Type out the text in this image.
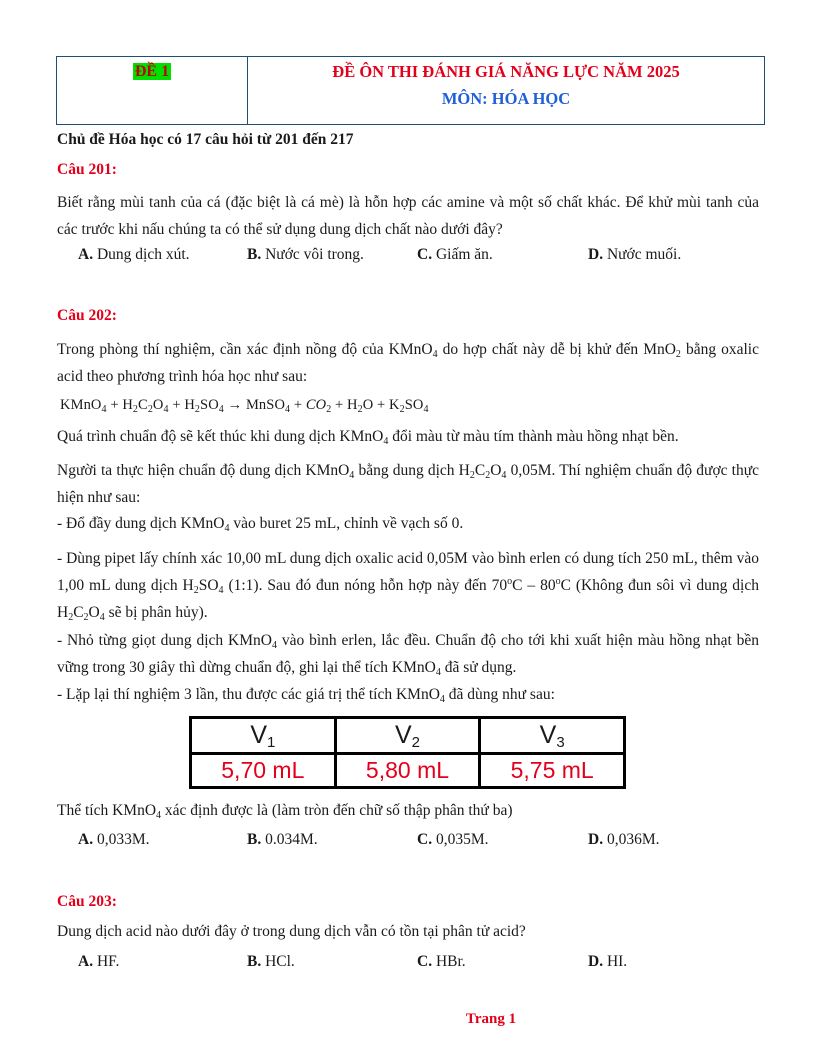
ĐỀ 1	ĐỀ ÔN THI ĐÁNH GIÁ NĂNG LỰC NĂM 2025
MÔN: HÓA HỌC
Chủ đề Hóa học có 17 câu hỏi từ 201 đến 217
Câu 201:
Biết rằng mùi tanh của cá (đặc biệt là cá mè) là hỗn hợp các amine và một số chất khác. Để khử mùi tanh của các trước khi nấu chúng ta có thể sử dụng dung dịch chất nào dưới đây?
A. Dung dịch xút.	B. Nước vôi trong.	C. Giấm ăn.	D. Nước muối.
Câu 202:
Trong phòng thí nghiệm, cần xác định nồng độ của KMnO$_4$ do hợp chất này dễ bị khử đến MnO$_2$ bằng oxalic acid theo phương trình hóa học như sau:
KMnO$_4$ + $H_2C_2O_4 + H_2SO_4$ → MnSO$_4$ + $CO_2 + H_2O + K_2SO_4$
Quá trình chuẩn độ sẽ kết thúc khi dung dịch KMnO$_4$ đổi màu từ màu tím thành màu hồng nhạt bền.
Người ta thực hiện chuẩn độ dung dịch KMnO$_4$ bằng dung dịch $H_2C_2O_4$ 0,05M. Thí nghiệm chuẩn độ được thực hiện như sau:
- Đổ đầy dung dịch KMnO$_4$ vào buret 25 mL, chỉnh về vạch số 0.
- Dùng pipet lấy chính xác 10,00 mL dung dịch oxalic acid 0,05M vào bình erlen có dung tích 250 mL, thêm vào 1,00 mL dung dịch $H_2SO_4$ (1:1). Sau đó đun nóng hỗn hợp này đến 70$^o$C – 80$^o$C (Không đun sôi vì dung dịch $H_2C_2O_4$ sẽ bị phân hủy).
- Nhỏ từng giọt dung dịch KMnO$_4$ vào bình erlen, lắc đều. Chuẩn độ cho tới khi xuất hiện màu hồng nhạt bền vững trong 30 giây thì dừng chuẩn độ, ghi lại thể tích KMnO$_4$ đã sử dụng.
- Lặp lại thí nghiệm 3 lần, thu được các giá trị thể tích KMnO$_4$ đã dùng như sau:
$V_1$	$V_2$	$V_3$
5,70 mL	5,80 mL	5,75 mL
Thể tích KMnO$_4$ xác định được là (làm tròn đến chữ số thập phân thứ ba)
A. 0,033M.	B. 0.034M.	C. 0,035M.	D. 0,036M.
Câu 203:
Dung dịch acid nào dưới đây ở trong dung dịch vẫn có tồn tại phân tử acid?
A. HF.	B. HCl.	C. HBr.	D. HI.
Trang 1
